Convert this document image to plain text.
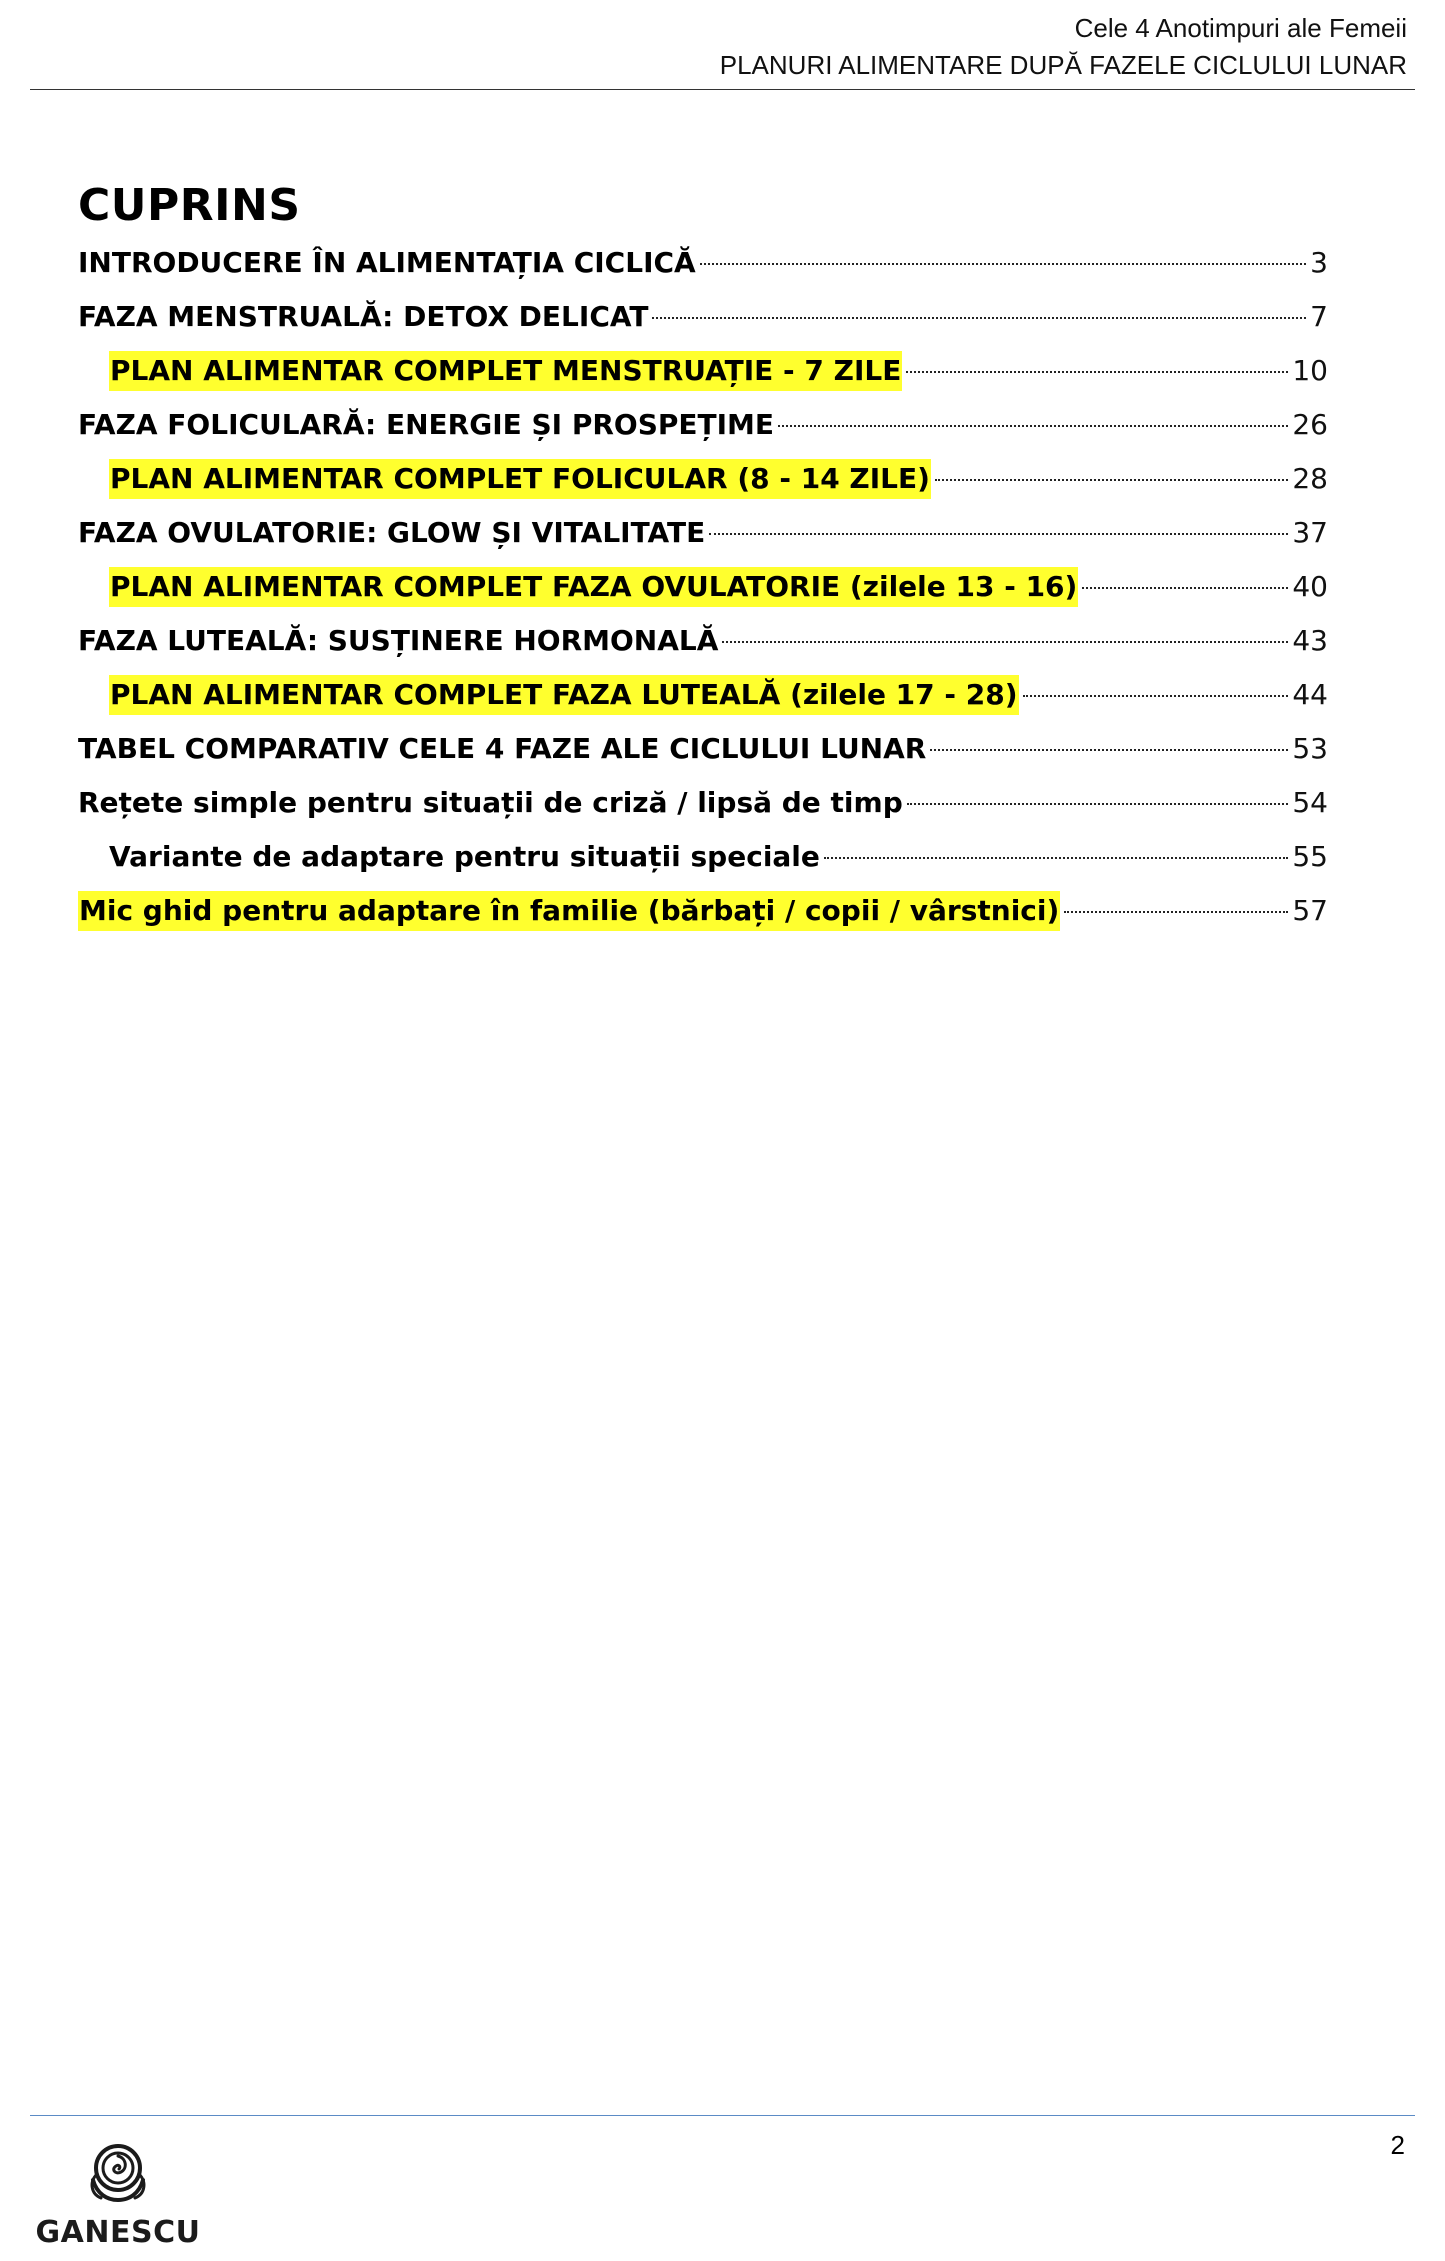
Cele 4 Anotimpuri ale Femeii
PLANURI ALIMENTARE DUPĂ FAZELE CICLULUI LUNAR
CUPRINS
INTRODUCERE ÎN ALIMENTAȚIA CICLICĂ	3
FAZA MENSTRUALĂ: DETOX DELICAT	7
PLAN ALIMENTAR COMPLET MENSTRUAȚIE - 7 ZILE	10
FAZA FOLICULARĂ: ENERGIE ȘI PROSPEȚIME	26
PLAN ALIMENTAR COMPLET FOLICULAR (8 - 14 ZILE)	28
FAZA OVULATORIE: GLOW ȘI VITALITATE	37
PLAN ALIMENTAR COMPLET FAZA OVULATORIE (zilele 13 - 16)	40
FAZA LUTEALĂ: SUSȚINERE HORMONALĂ	43
PLAN ALIMENTAR COMPLET FAZA LUTEALĂ (zilele 17 - 28)	44
TABEL COMPARATIV CELE 4 FAZE ALE CICLULUI LUNAR	53
Rețete simple pentru situații de criză / lipsă de timp	54
Variante de adaptare pentru situații speciale	55
Mic ghid pentru adaptare în familie (bărbați / copii / vârstnici)	57
GANESCU
2
